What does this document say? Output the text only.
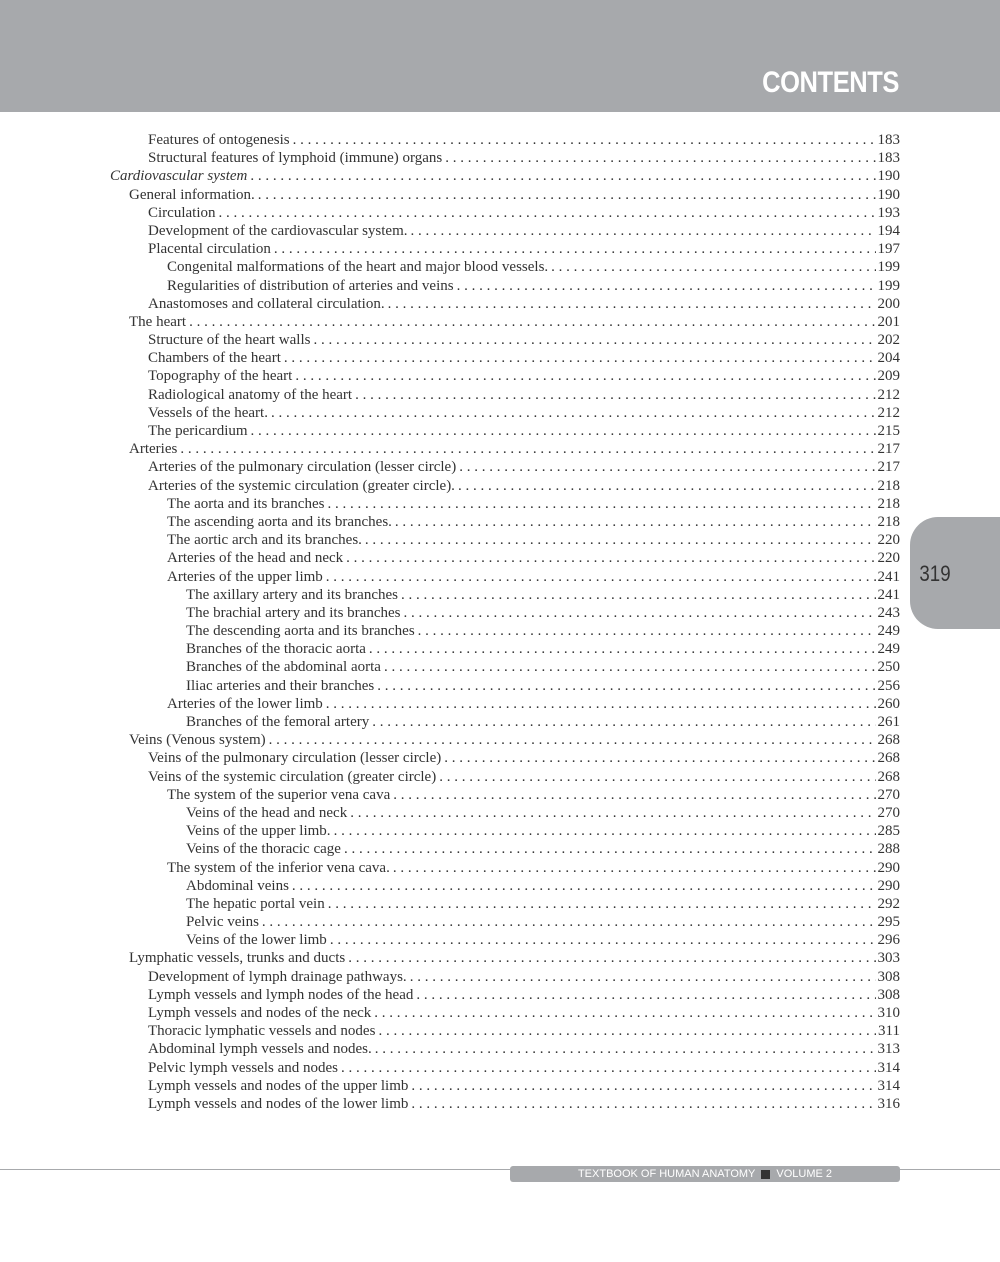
CONTENTS
Features of ontogenesis . . .	183
Structural features of lymphoid (immune) organs . . .	183
Cardiovascular system . . .	190
General information. . . .	190
Circulation . . .	193
Development of the cardiovascular system. . . .	194
Placental circulation . . .	197
Congenital malformations of the heart and major blood vessels. . . .	199
Regularities of distribution of arteries and veins . . .	199
Anastomoses and collateral circulation. . . .	200
The heart . . .	201
Structure of the heart walls . . .	202
Chambers of the heart . . .	204
Topography of the heart . . .	209
Radiological anatomy of the heart . . .	212
Vessels of the heart. . . .	212
The pericardium . . .	215
Arteries . . .	217
Arteries of the pulmonary circulation (lesser circle) . . .	217
Arteries of the systemic circulation (greater circle). . . .	218
The aorta and its branches . . .	218
The ascending aorta and its branches. . . .	218
The aortic arch and its branches. . . .	220
Arteries of the head and neck . . .	220
Arteries of the upper limb . . .	241
The axillary artery and its branches . . .	241
The brachial artery and its branches . . .	243
The descending aorta and its branches . . .	249
Branches of the thoracic aorta . . .	249
Branches of the abdominal aorta . . .	250
Iliac arteries and their branches . . .	256
Arteries of the lower limb . . .	260
Branches of the femoral artery . . .	261
Veins (Venous system) . . .	268
Veins of the pulmonary circulation (lesser circle) . . .	268
Veins of the systemic circulation (greater circle) . . .	268
The system of the superior vena cava . . .	270
Veins of the head and neck . . .	270
Veins of the upper limb. . . .	285
Veins of the thoracic cage . . .	288
The system of the inferior vena cava. . . .	290
Abdominal veins . . .	290
The hepatic portal vein . . .	292
Pelvic veins . . .	295
Veins of the lower limb . . .	296
Lymphatic vessels, trunks and ducts . . .	303
Development of lymph drainage pathways. . . .	308
Lymph vessels and lymph nodes of the head . . .	308
Lymph vessels and nodes of the neck . . .	310
Thoracic lymphatic vessels and nodes . . .	311
Abdominal lymph vessels and nodes. . . .	313
Pelvic lymph vessels and nodes . . .	314
Lymph vessels and nodes of the upper limb . . .	314
Lymph vessels and nodes of the lower limb . . .	316
319
TEXTBOOK OF HUMAN ANATOMY VOLUME 2
